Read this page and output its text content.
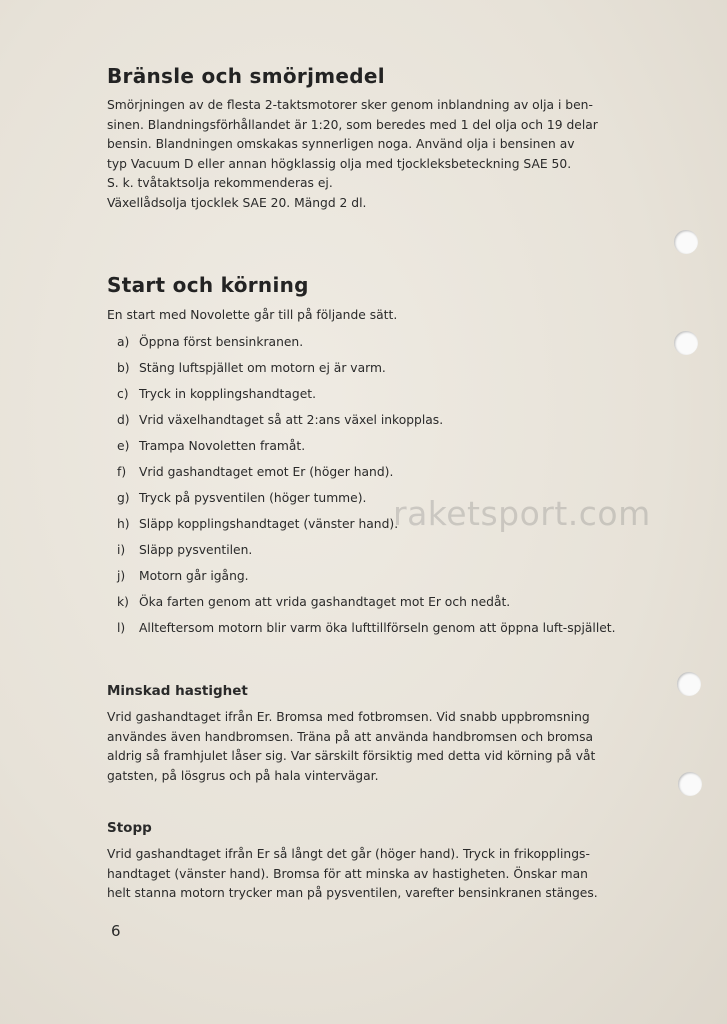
raketsport.com
Bränsle och smörjmedel
Smörjningen av de flesta 2-taktsmotorer sker genom inblandning av olja i ben-
sinen. Blandningsförhållandet är 1:20, som beredes med 1 del olja och 19 delar
bensin. Blandningen omskakas synnerligen noga. Använd olja i bensinen av
typ Vacuum D eller annan högklassig olja med tjockleksbeteckning SAE 50.
S. k. tvåtaktsolja rekommenderas ej.
Växellådsolja tjocklek SAE 20. Mängd 2 dl.
Start och körning
En start med Novolette går till på följande sätt.
a) Öppna först bensinkranen.
b) Stäng luftspjället om motorn ej är varm.
c) Tryck in kopplingshandtaget.
d) Vrid växelhandtaget så att 2:ans växel inkopplas.
e) Trampa Novoletten framåt.
f)	Vrid gashandtaget emot Er (höger hand).
g) Tryck på pysventilen (höger tumme).
h) Släpp kopplingshandtaget (vänster hand).
i)	Släpp pysventilen.
j)	Motorn går igång.
k) Öka farten genom att vrida gashandtaget mot Er och nedåt.
l)	Allteftersom motorn blir varm öka lufttillförseln genom att öppna luft-spjället.
Minskad hastighet
Vrid gashandtaget ifrån Er. Bromsa med fotbromsen. Vid snabb uppbromsning
användes även handbromsen. Träna på att använda handbromsen och bromsa
aldrig så framhjulet låser sig. Var särskilt försiktig med detta vid körning på våt
gatsten, på lösgrus och på hala vintervägar.
Stopp
Vrid gashandtaget ifrån Er så långt det går (höger hand). Tryck in frikopplings-
handtaget (vänster hand). Bromsa för att minska av hastigheten. Önskar man
helt stanna motorn trycker man på pysventilen, varefter bensinkranen stänges.
6
